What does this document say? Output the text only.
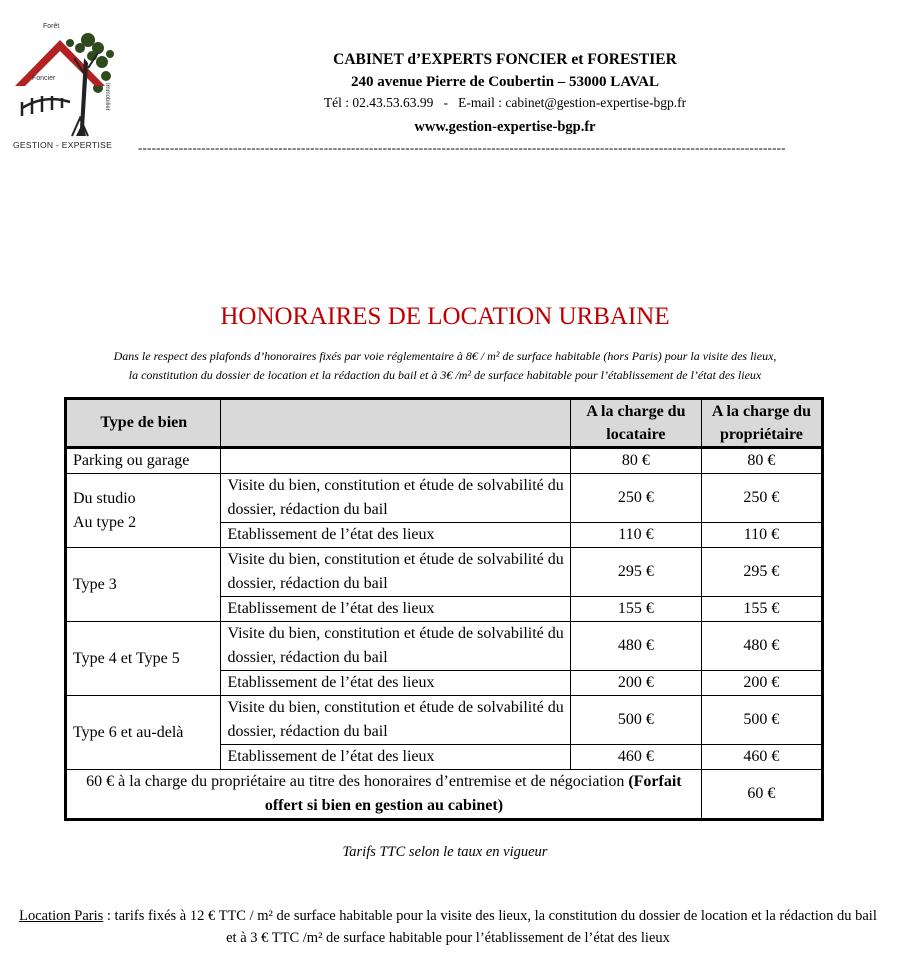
Forêt
Foncier
Immobilier
GESTION - EXPERTISE
CABINET d’EXPERTS FONCIER et FORESTIER
240 avenue Pierre de Coubertin – 53000 LAVAL
Tél : 02.43.53.63.99   -   E-mail : cabinet@gestion-expertise-bgp.fr
www.gestion-expertise-bgp.fr
-----------------------------------------------------------------------------------------------------------------------------------------------
HONORAIRES DE LOCATION URBAINE
Dans le respect des plafonds d’honoraires fixés par voie réglementaire à 8€ / m² de surface habitable (hors Paris) pour la visite des lieux,
la constitution du dossier de location et la rédaction du bail et à 3€ /m² de surface habitable pour l’établissement de l’état des lieux
Type de bien		A la charge du locataire	A la charge du propriétaire
Parking ou garage		80 €	80 €

Du studio
Au type 2	Visite du bien, constitution et étude de solvabilité du dossier, rédaction du bail	250 €	250 €
	Etablissement de l’état des lieux	110 €	110 €

Type 3	Visite du bien, constitution et étude de solvabilité du dossier, rédaction du bail	295 €	295 €
	Etablissement de l’état des lieux	155 €	155 €

Type 4 et Type 5	Visite du bien, constitution et étude de solvabilité du dossier, rédaction du bail	480 €	480 €
	Etablissement de l’état des lieux	200 €	200 €

Type 6 et au-delà	Visite du bien, constitution et étude de solvabilité du dossier, rédaction du bail	500 €	500 €
	Etablissement de l’état des lieux	460 €	460 €
60 € à la charge du propriétaire au titre des honoraires d’entremise et de négociation (Forfait offert si bien en gestion au cabinet)			60 €
Tarifs TTC selon le taux en vigueur
Location Paris : tarifs fixés à 12 € TTC / m² de surface habitable pour la visite des lieux, la constitution du dossier de location et la rédaction du bail et à 3 € TTC /m² de surface habitable pour l’établissement de l’état des lieux
